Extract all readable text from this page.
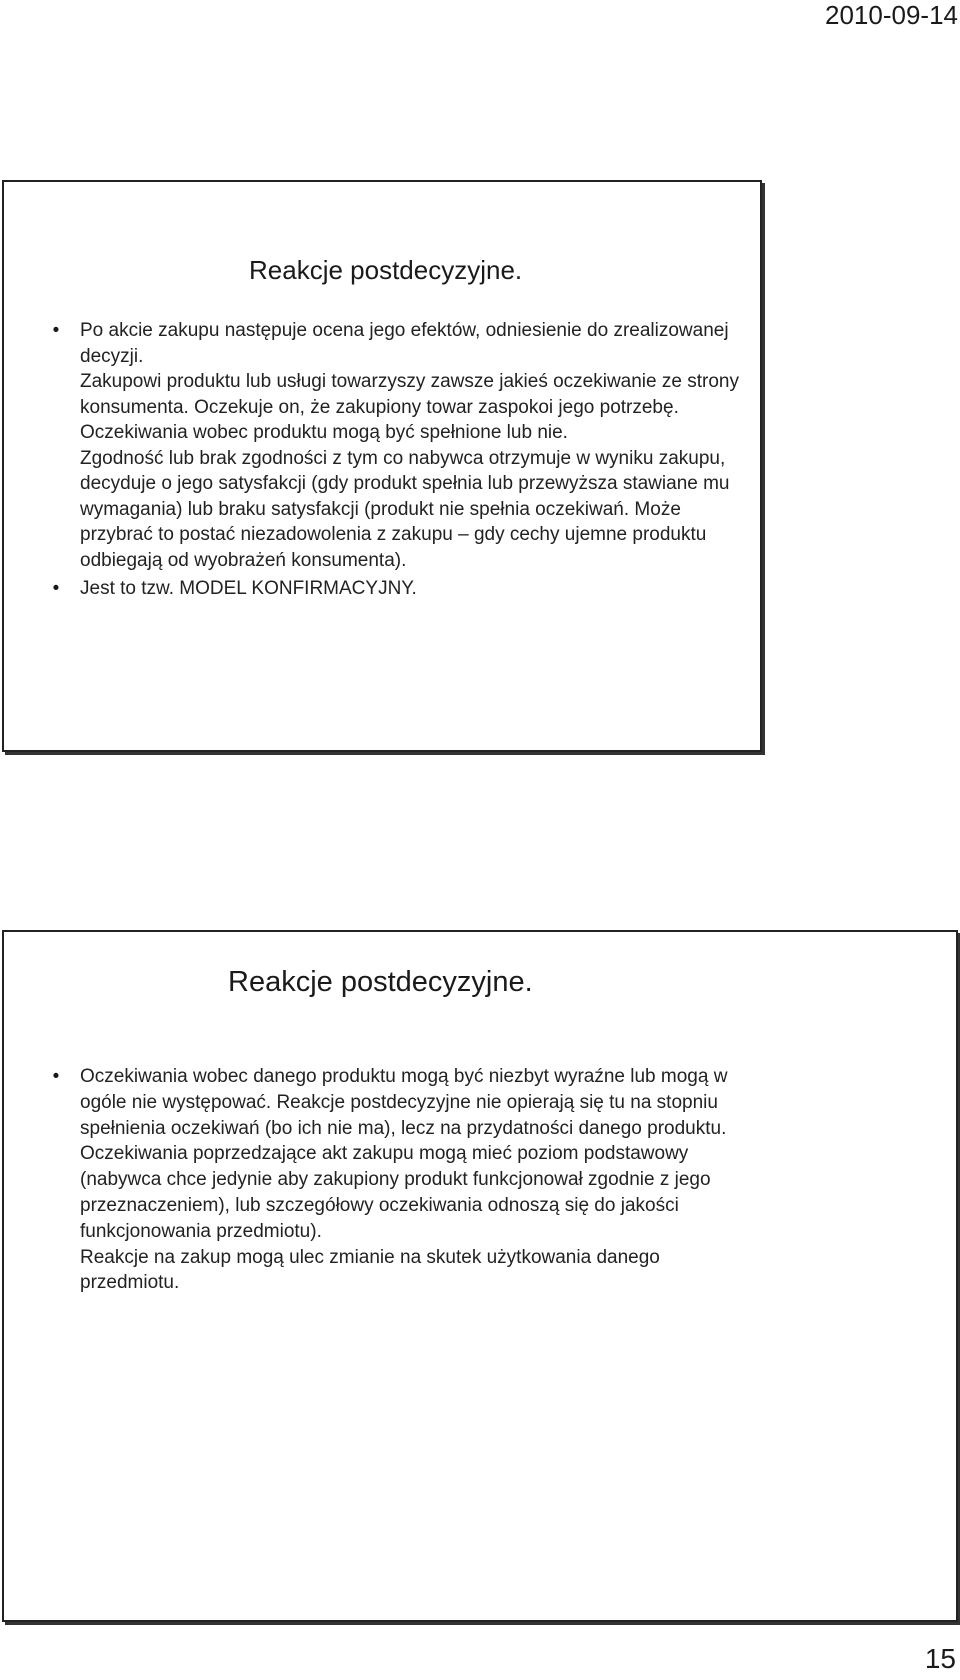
2010-09-14
Reakcje postdecyzyjne.
• Po akcie zakupu następuje ocena jego efektów, odniesienie do zrealizowanej decyzji.
Zakupowi produktu lub usługi towarzyszy zawsze jakieś oczekiwanie ze strony konsumenta. Oczekuje on, że zakupiony towar zaspokoi jego potrzebę. Oczekiwania wobec produktu mogą być spełnione lub nie.
Zgodność lub brak zgodności z tym co nabywca otrzymuje w wyniku zakupu, decyduje o jego satysfakcji (gdy produkt spełnia lub przewyższa stawiane mu wymagania) lub braku satysfakcji (produkt nie spełnia oczekiwań. Może przybrać to postać niezadowolenia z zakupu – gdy cechy ujemne produktu odbiegają od wyobrażeń konsumenta).
• Jest to tzw. MODEL KONFIRMACYJNY.
Reakcje postdecyzyjne.
• Oczekiwania wobec danego produktu mogą być niezbyt wyraźne lub mogą w ogóle nie występować. Reakcje postdecyzyjne nie opierają się tu na stopniu spełnienia oczekiwań (bo ich nie ma), lecz na przydatności danego produktu.
Oczekiwania poprzedzające akt zakupu mogą mieć poziom podstawowy (nabywca chce jedynie aby zakupiony produkt funkcjonował zgodnie z jego przeznaczeniem), lub szczegółowy oczekiwania odnoszą się do jakości funkcjonowania przedmiotu).
Reakcje na zakup mogą ulec zmianie na skutek użytkowania danego przedmiotu.
15
